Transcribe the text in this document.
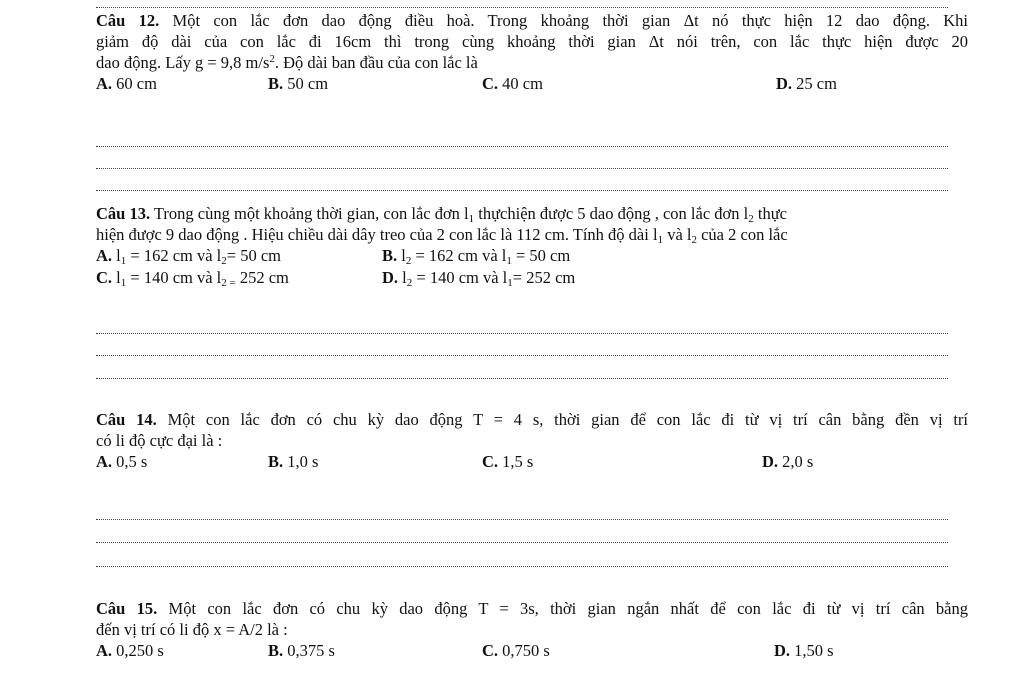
Câu 12. Một con lắc đơn dao động điều hoà. Trong khoảng thời gian Δt nó thực hiện 12 dao động. Khi
giảm độ dài của con lắc đi 16cm thì trong cùng khoảng thời gian Δt nói trên, con lắc thực hiện được 20
dao động. Lấy g = 9,8 $m/s^2$. Độ dài ban đầu của con lắc là
A. 60 cm	B. 50 cm	C. 40 cm	D. 25 cm
Câu 13. Trong cùng một khoảng thời gian, con lắc đơn $l_1$ thựchiện được 5 dao động , con lắc đơn $l_2$ thực
hiện được 9 dao động . Hiệu chiều dài dây treo của 2 con lắc là 112 cm. Tính độ dài $l_1$ và $l_2$ của 2 con lắc
A. $l_1 = 162$ cm và $l_2= 50$ cm	B. $l_2 = 162$ cm và $l_1 = 50$ cm
C. $l_1 = 140$ cm và $l_{2 =}$ 252 cm	D. $l_2 = 140$ cm và $l_1= 252$ cm
Câu 14. Một con lắc đơn có chu kỳ dao động T = 4 s, thời gian để con lắc đi từ vị trí cân bằng đền vị trí
có li độ cực đại là :
A. 0,5 s	B. 1,0 s	C. 1,5 s	D. 2,0 s
Câu 15. Một con lắc đơn có chu kỳ dao động T = 3s, thời gian ngắn nhất để con lắc đi từ vị trí cân bằng
đến vị trí có li độ x = A/2 là :
A. 0,250 s	B. 0,375 s	C. 0,750 s	D. 1,50 s
